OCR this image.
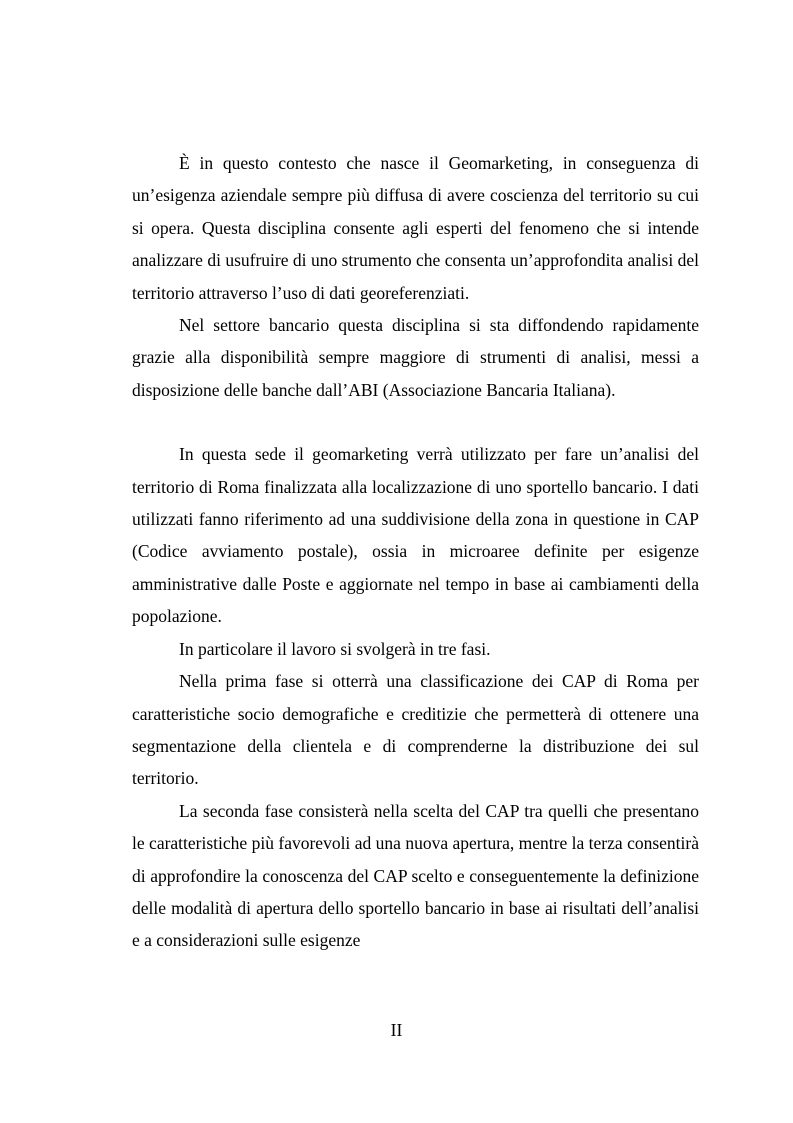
È in questo contesto che nasce il Geomarketing, in conseguenza di un’esigenza aziendale sempre più diffusa di avere coscienza del territorio su cui si opera. Questa disciplina consente agli esperti del fenomeno che si intende analizzare di usufruire di uno strumento che consenta un’approfondita analisi del territorio attraverso l’uso di dati georeferenziati.

Nel settore bancario questa disciplina si sta diffondendo rapidamente grazie alla disponibilità sempre maggiore di strumenti di analisi, messi a disposizione delle banche dall’ABI (Associazione Bancaria Italiana).

In questa sede il geomarketing verrà utilizzato per fare un’analisi del territorio di Roma finalizzata alla localizzazione di uno sportello bancario. I dati utilizzati fanno riferimento ad una suddivisione della zona in questione in CAP (Codice avviamento postale), ossia in microaree definite per esigenze amministrative dalle Poste e aggiornate nel tempo in base ai cambiamenti della popolazione.

In particolare il lavoro si svolgerà in tre fasi.

Nella prima fase si otterrà una classificazione dei CAP di Roma per caratteristiche socio demografiche e creditizie che permetterà di ottenere una segmentazione della clientela e di comprenderne la distribuzione dei sul territorio.

La seconda fase consisterà nella scelta del CAP tra quelli che presentano le caratteristiche più favorevoli ad una nuova apertura, mentre la terza consentirà di approfondire la conoscenza del CAP scelto e conseguentemente la definizione delle modalità di apertura dello sportello bancario in base ai risultati dell’analisi e a considerazioni sulle esigenze

II
